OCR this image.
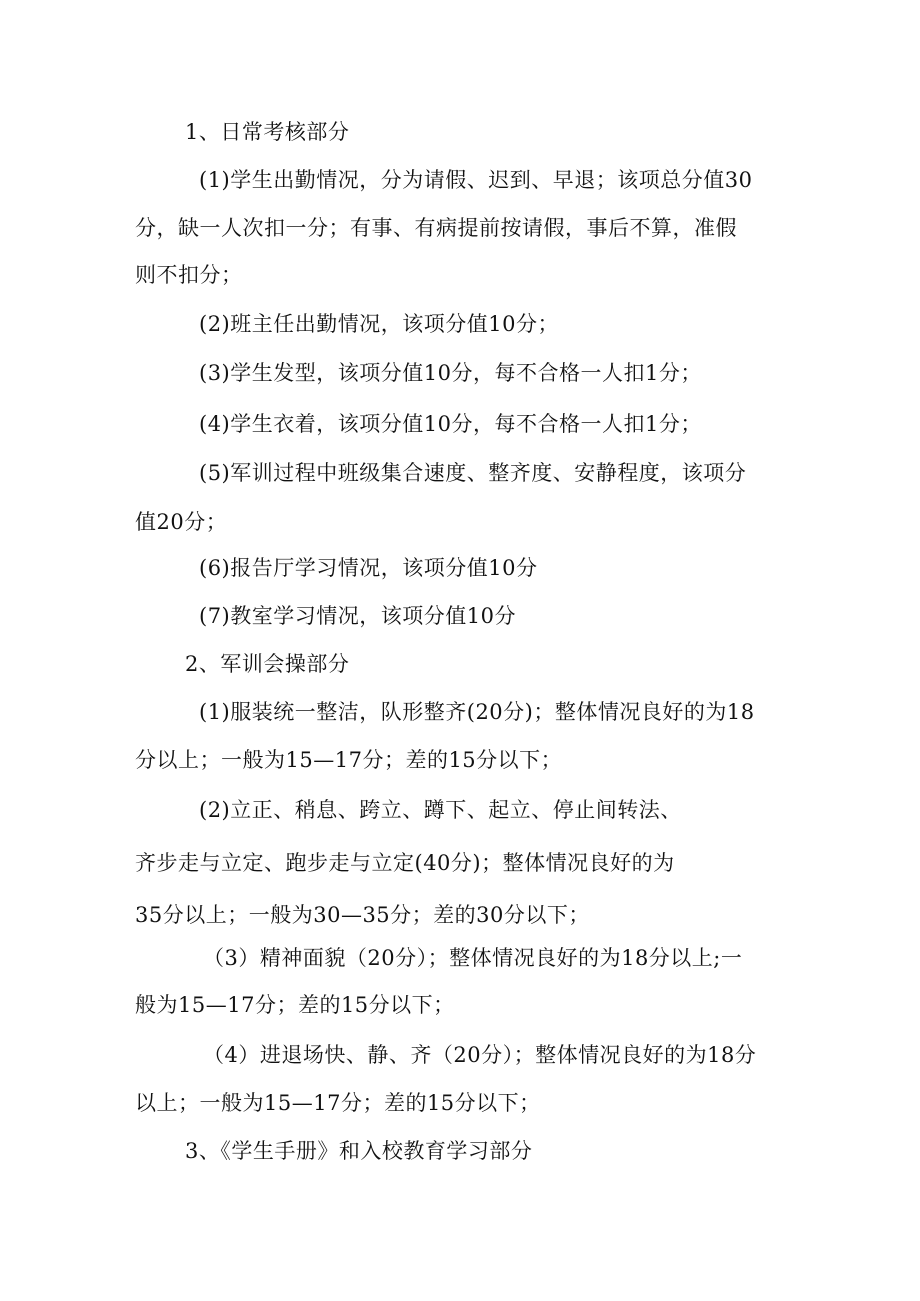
1、日常考核部分
(1)学生出勤情况，分为请假、迟到、早退；该项总分值30
分，缺一人次扣一分；有事、有病提前按请假，事后不算，准假
则不扣分；
(2)班主任出勤情况，该项分值10分；
(3)学生发型，该项分值10分，每不合格一人扣1分；
(4)学生衣着，该项分值10分，每不合格一人扣1分；
(5)军训过程中班级集合速度、整齐度、安静程度，该项分
值20分；
(6)报告厅学习情况，该项分值10分
(7)教室学习情况，该项分值10分
2、军训会操部分
(1)服装统一整洁，队形整齐(20分)；整体情况良好的为18
分以上；一般为15—17分；差的15分以下；
(2)立正、稍息、跨立、蹲下、起立、停止间转法、
齐步走与立定、跑步走与立定(40分)；整体情况良好的为
35分以上；一般为30—35分；差的30分以下；
（3）精神面貌（20分）；整体情况良好的为18分以上;一
般为15—17分；差的15分以下；
（4）进退场快、静、齐（20分）；整体情况良好的为18分
以上；一般为15—17分；差的15分以下；
3、《学生手册》和入校教育学习部分
